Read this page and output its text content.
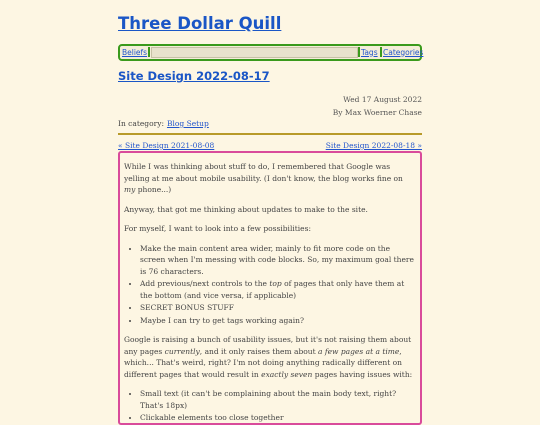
Three Dollar Quill
Beliefs	Tags Categories
Site Design 2022-08-17
Wed 17 August 2022
By Max Woerner Chase
In category: Blog Setup
« Site Design 2021-08-08	Site Design 2022-08-18 »

While I was thinking about stuff to do, I remembered that Google was yelling at me about mobile usability. (I don't know, the blog works fine on my phone...)

Anyway, that got me thinking about updates to make to the site.

For myself, I want to look into a few possibilities:

• Make the main content area wider, mainly to fit more code on the screen when I'm messing with code blocks. So, my maximum goal there is 76 characters.
• Add previous/next controls to the top of pages that only have them at the bottom (and vice versa, if applicable)
• SECRET BONUS STUFF
• Maybe I can try to get tags working again?

Google is raising a bunch of usability issues, but it's not raising them about any pages currently, and it only raises them about a few pages at a time, which... That's weird, right? I'm not doing anything radically different on different pages that would result in exactly seven pages having issues with:

• Small text (it can't be complaining about the main body text, right? That's 18px)
• Clickable elements too close together
